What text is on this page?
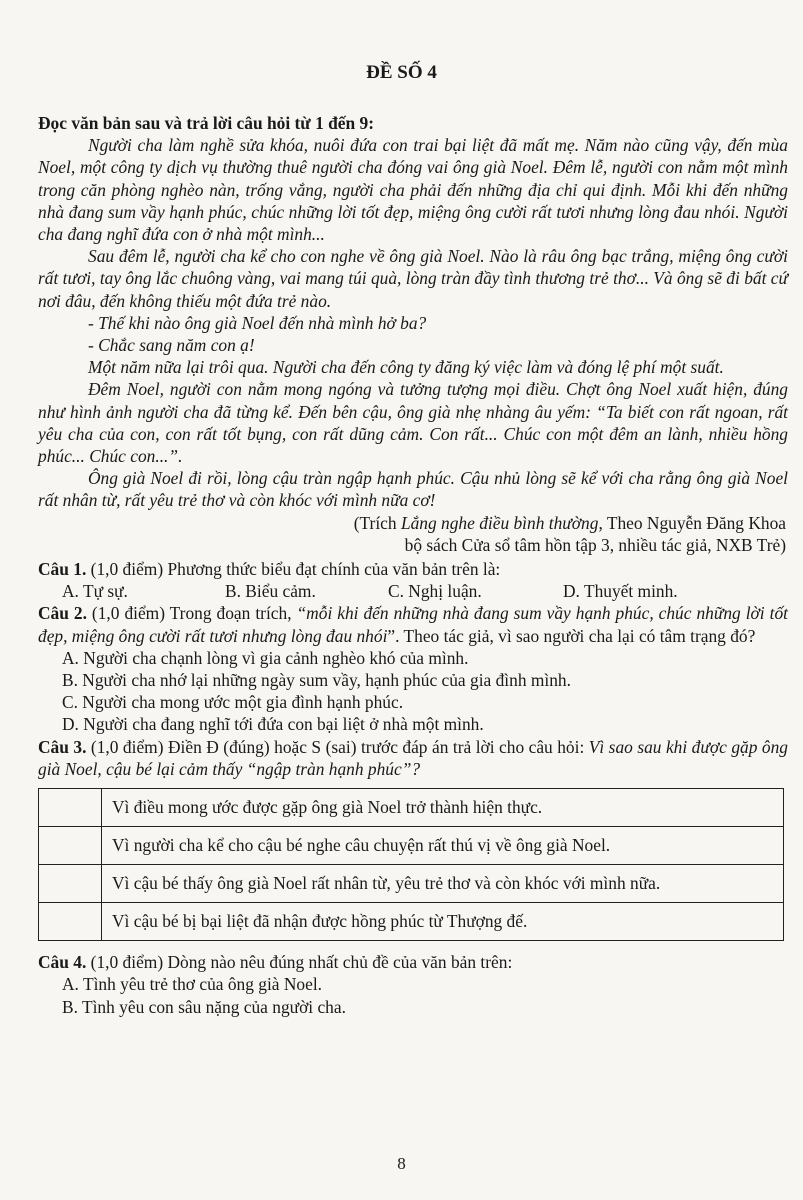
ĐỀ SỐ 4

Đọc văn bản sau và trả lời câu hỏi từ 1 đến 9:

Người cha làm nghề sửa khóa, nuôi đứa con trai bại liệt đã mất mẹ. Năm nào cũng vậy, đến mùa Noel, một công ty dịch vụ thường thuê người cha đóng vai ông già Noel. Đêm lễ, người con nằm một mình trong căn phòng nghèo nàn, trống vắng, người cha phải đến những địa chỉ qui định. Mỗi khi đến những nhà đang sum vầy hạnh phúc, chúc những lời tốt đẹp, miệng ông cười rất tươi nhưng lòng đau nhói. Người cha đang nghĩ đứa con ở nhà một mình...

Sau đêm lễ, người cha kể cho con nghe về ông già Noel. Nào là râu ông bạc trắng, miệng ông cười rất tươi, tay ông lắc chuông vàng, vai mang túi quà, lòng tràn đầy tình thương trẻ thơ... Và ông sẽ đi bất cứ nơi đâu, đến không thiếu một đứa trẻ nào.

- Thế khi nào ông già Noel đến nhà mình hở ba?

- Chắc sang năm con ạ!

Một năm nữa lại trôi qua. Người cha đến công ty đăng ký việc làm và đóng lệ phí một suất.

Đêm Noel, người con nằm mong ngóng và tưởng tượng mọi điều. Chợt ông Noel xuất hiện, đúng như hình ảnh người cha đã từng kể. Đến bên cậu, ông già nhẹ nhàng âu yếm: “Ta biết con rất ngoan, rất yêu cha của con, con rất tốt bụng, con rất dũng cảm. Con rất... Chúc con một đêm an lành, nhiều hồng phúc... Chúc con...”.

Ông già Noel đi rồi, lòng cậu tràn ngập hạnh phúc. Cậu nhủ lòng sẽ kể với cha rằng ông già Noel rất nhân từ, rất yêu trẻ thơ và còn khóc với mình nữa cơ!

(Trích Lắng nghe điều bình thường, Theo Nguyễn Đăng Khoa

bộ sách Cửa sổ tâm hồn tập 3, nhiều tác giả, NXB Trẻ)

Câu 1. (1,0 điểm) Phương thức biểu đạt chính của văn bản trên là:

A. Tự sự.	B. Biểu cảm.	C. Nghị luận.	D. Thuyết minh.

Câu 2. (1,0 điểm) Trong đoạn trích, “mỗi khi đến những nhà đang sum vầy hạnh phúc, chúc những lời tốt đẹp, miệng ông cười rất tươi nhưng lòng đau nhói”. Theo tác giả, vì sao người cha lại có tâm trạng đó?

A. Người cha chạnh lòng vì gia cảnh nghèo khó của mình.

B. Người cha nhớ lại những ngày sum vầy, hạnh phúc của gia đình mình.

C. Người cha mong ước một gia đình hạnh phúc.

D. Người cha đang nghĩ tới đứa con bại liệt ở nhà một mình.

Câu 3. (1,0 điểm) Điền Đ (đúng) hoặc S (sai) trước đáp án trả lời cho câu hỏi: Vì sao sau khi được gặp ông già Noel, cậu bé lại cảm thấy “ngập tràn hạnh phúc”?

	Vì điều mong ước được gặp ông già Noel trở thành hiện thực.
	Vì người cha kể cho cậu bé nghe câu chuyện rất thú vị về ông già Noel.
	Vì cậu bé thấy ông già Noel rất nhân từ, yêu trẻ thơ và còn khóc với mình nữa.
	Vì cậu bé bị bại liệt đã nhận được hồng phúc từ Thượng đế.

Câu 4. (1,0 điểm) Dòng nào nêu đúng nhất chủ đề của văn bản trên:

A. Tình yêu trẻ thơ của ông già Noel.

B. Tình yêu con sâu nặng của người cha.

8
